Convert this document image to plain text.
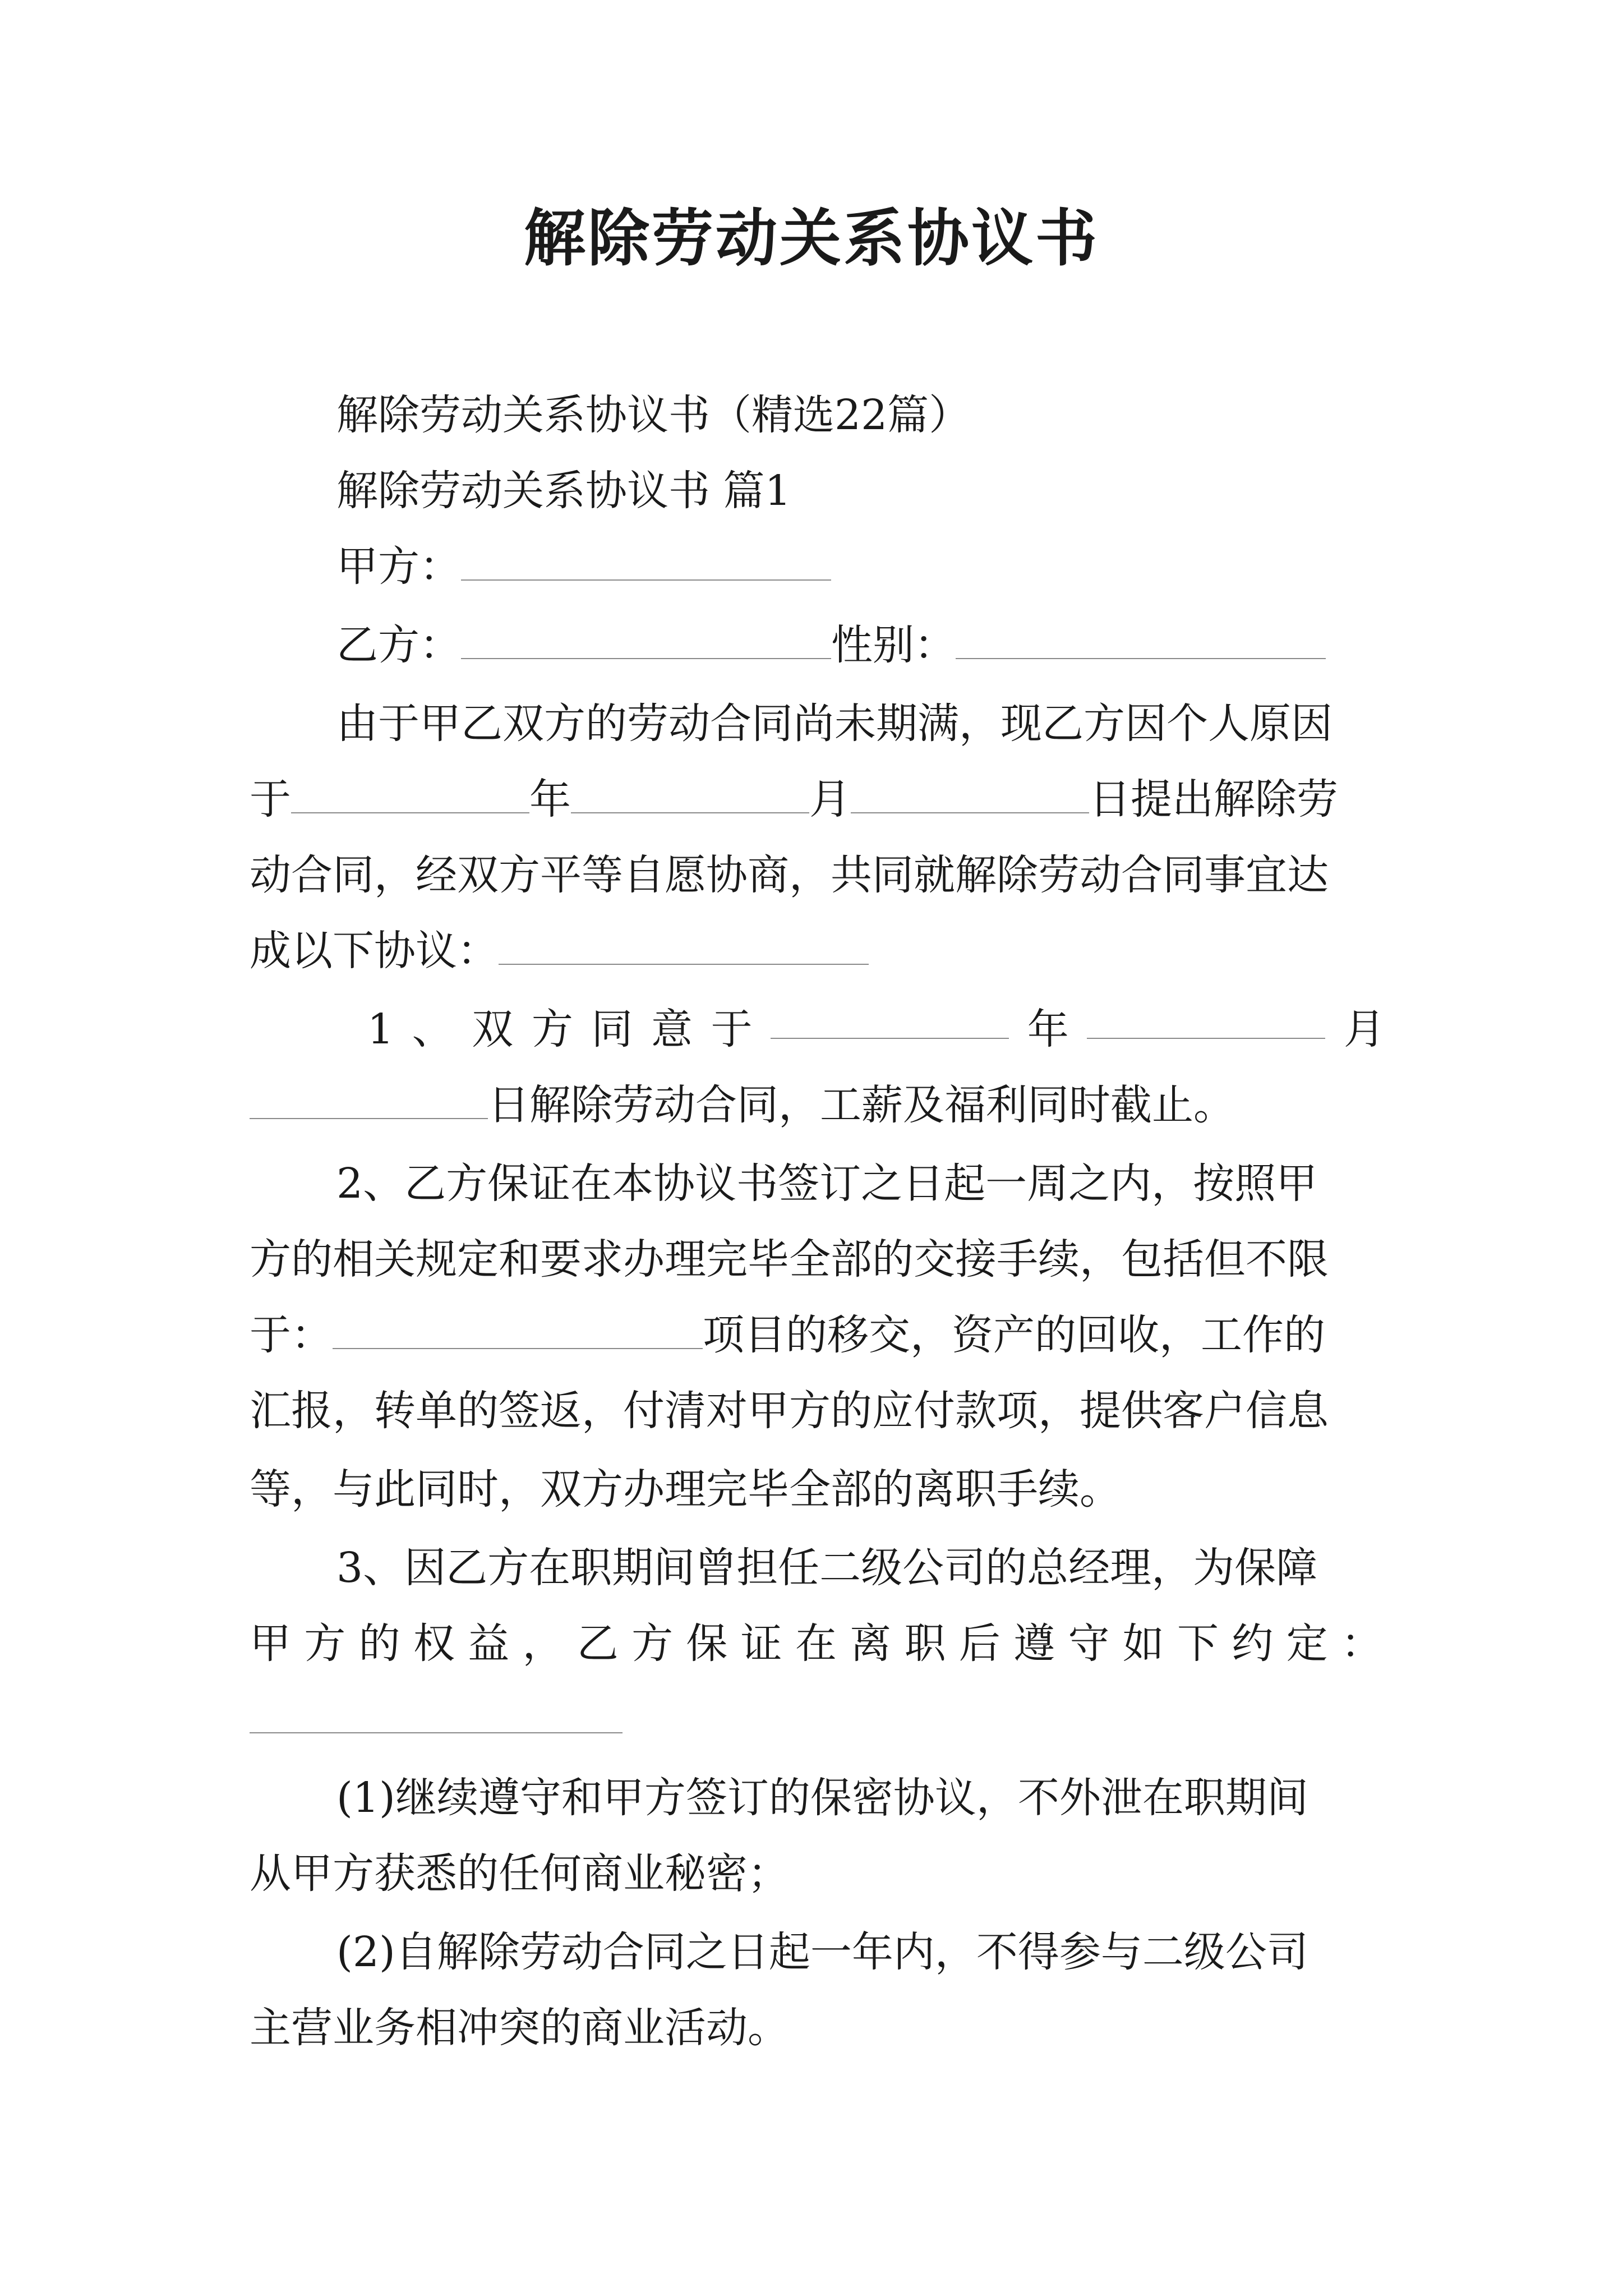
解除劳动关系协议书
解除劳动关系协议书（精选22篇）
解除劳动关系协议书 篇1
甲方：
乙方：	性别：
由于甲乙双方的劳动合同尚未期满，现乙方因个人原因
于	年	月	日提出解除劳
动合同，经双方平等自愿协商，共同就解除劳动合同事宜达
成以下协议：
1 、 双 方 同 意 于	年	月
日解除劳动合同，工薪及福利同时截止。
2、乙方保证在本协议书签订之日起一周之内，按照甲
方的相关规定和要求办理完毕全部的交接手续，包括但不限
于：	项目的移交，资产的回收，工作的
汇报，转单的签返，付清对甲方的应付款项，提供客户信息
等，与此同时，双方办理完毕全部的离职手续。
3、因乙方在职期间曾担任二级公司的总经理，为保障
甲 方 的 权 益 ， 乙 方 保 证 在 离 职 后 遵 守 如 下 约 定 ：
(1)继续遵守和甲方签订的保密协议，不外泄在职期间
从甲方获悉的任何商业秘密；
(2)自解除劳动合同之日起一年内，不得参与二级公司
主营业务相冲突的商业活动。
